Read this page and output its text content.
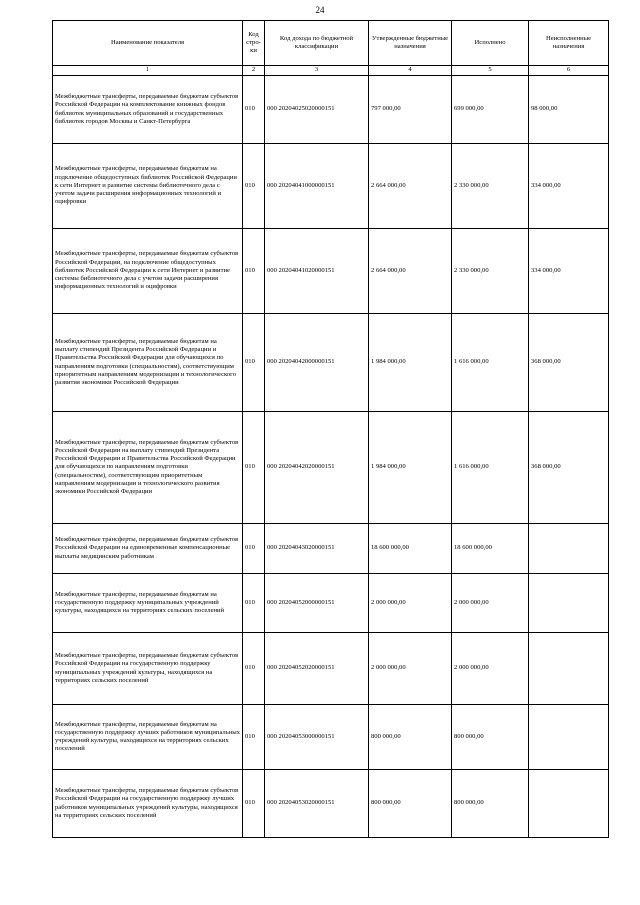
24
Наименование показателя	Код стро-ки	Код дохода по бюджетной классификации	Утвержденные бюджетные назначения	Исполнено	Неисполненные назначения
1	2	3	4	5	6
Межбюджетные трансферты, передаваемые бюджетам субъектов Российской Федерации на комплектование книжных фондов библиотек муниципальных образований и государственных библиотек городов Москвы и Санкт-Петербурга	010	000 20204025020000151	797 000,00	699 000,00	98 000,00
Межбюджетные трансферты, передаваемые бюджетам на подключение общедоступных библиотек Российской Федерации к сети Интернет и развитие системы библиотечного дела с учетом задачи расширения информационных технологий и оцифровки	010	000 20204041000000151	2 664 000,00	2 330 000,00	334 000,00
Межбюджетные трансферты, передаваемые бюджетам субъектов Российской Федерации, на подключение общедоступных библиотек Российской Федерации к сети Интернет и развитие системы библиотечного дела с учетом задачи расширения информационных технологий и оцифровки	010	000 20204041020000151	2 664 000,00	2 330 000,00	334 000,00
Межбюджетные трансферты, передаваемые бюджетам на выплату стипендий Президента Российской Федерации и Правительства Российской Федерации для обучающихся по направлениям подготовки (специальностям), соответствующим приоритетным направлениям модернизации и технологического развития экономики Российской Федерации	010	000 20204042000000151	1 984 000,00	1 616 000,00	368 000,00
Межбюджетные трансферты, передаваемые бюджетам субъектов Российской Федерации на выплату стипендий Президента Российской Федерации и Правительства Российской Федерации для обучающихся по направлениям подготовки (специальностям), соответствующим приоритетным направлениям модернизации и технологического развития экономики Российской Федерации	010	000 20204042020000151	1 984 000,00	1 616 000,00	368 000,00
Межбюджетные трансферты, передаваемые бюджетам субъектов Российской Федерации на единовременные компенсационные выплаты медицинским работникам	010	000 20204043020000151	18 600 000,00	18 600 000,00	
Межбюджетные трансферты, передаваемые бюджетам на государственную поддержку муниципальных учреждений культуры, находящихся на территориях сельских поселений	010	000 20204052000000151	2 000 000,00	2 000 000,00	
Межбюджетные трансферты, передаваемые бюджетам субъектов Российской Федерации на государственную поддержку муниципальных учреждений культуры, находящихся на территориях сельских поселений	010	000 20204052020000151	2 000 000,00	2 000 000,00	
Межбюджетные трансферты, передаваемые бюджетам на государственную поддержку лучших работников муниципальных учреждений культуры, находящихся на территориях сельских поселений	010	000 20204053000000151	800 000,00	800 000,00	
Межбюджетные трансферты, передаваемые бюджетам субъектов Российской Федерации на государственную поддержку лучших работников муниципальных учреждений культуры, находящихся на территориях сельских поселений	010	000 20204053020000151	800 000,00	800 000,00	
